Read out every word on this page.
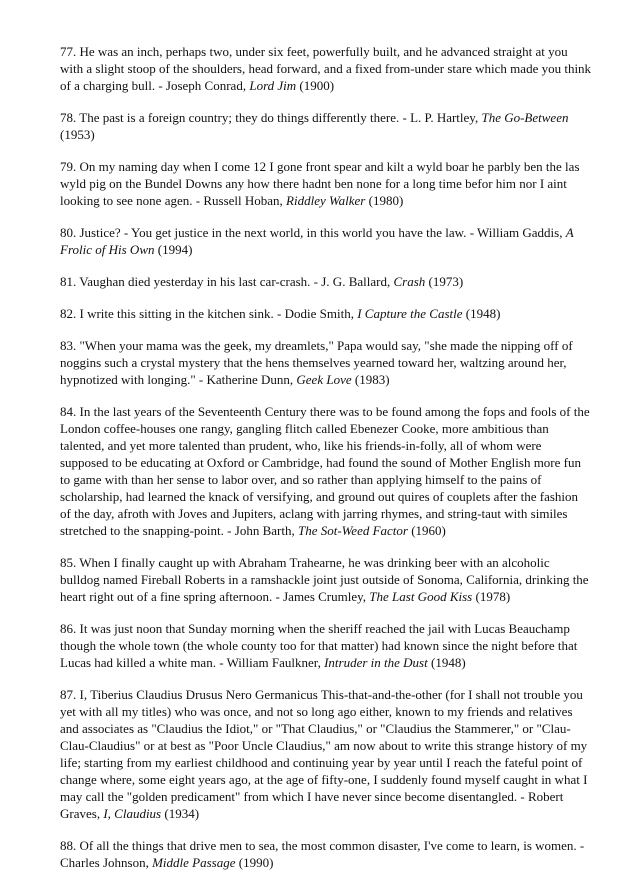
77. He was an inch, perhaps two, under six feet, powerfully built, and he advanced straight at you with a slight stoop of the shoulders, head forward, and a fixed from-under stare which made you think of a charging bull. - Joseph Conrad, Lord Jim (1900)
78. The past is a foreign country; they do things differently there. - L. P. Hartley, The Go-Between (1953)
79. On my naming day when I come 12 I gone front spear and kilt a wyld boar he parbly ben the las wyld pig on the Bundel Downs any how there hadnt ben none for a long time befor him nor I aint looking to see none agen. - Russell Hoban, Riddley Walker (1980)
80. Justice? - You get justice in the next world, in this world you have the law. - William Gaddis, A Frolic of His Own (1994)
81. Vaughan died yesterday in his last car-crash. - J. G. Ballard, Crash (1973)
82. I write this sitting in the kitchen sink. - Dodie Smith, I Capture the Castle (1948)
83. "When your mama was the geek, my dreamlets," Papa would say, "she made the nipping off of noggins such a crystal mystery that the hens themselves yearned toward her, waltzing around her, hypnotized with longing." - Katherine Dunn, Geek Love (1983)
84. In the last years of the Seventeenth Century there was to be found among the fops and fools of the London coffee-houses one rangy, gangling flitch called Ebenezer Cooke, more ambitious than talented, and yet more talented than prudent, who, like his friends-in-folly, all of whom were supposed to be educating at Oxford or Cambridge, had found the sound of Mother English more fun to game with than her sense to labor over, and so rather than applying himself to the pains of scholarship, had learned the knack of versifying, and ground out quires of couplets after the fashion of the day, afroth with Joves and Jupiters, aclang with jarring rhymes, and string-taut with similes stretched to the snapping-point. - John Barth, The Sot-Weed Factor (1960)
85. When I finally caught up with Abraham Trahearne, he was drinking beer with an alcoholic bulldog named Fireball Roberts in a ramshackle joint just outside of Sonoma, California, drinking the heart right out of a fine spring afternoon. - James Crumley, The Last Good Kiss (1978)
86. It was just noon that Sunday morning when the sheriff reached the jail with Lucas Beauchamp though the whole town (the whole county too for that matter) had known since the night before that Lucas had killed a white man. - William Faulkner, Intruder in the Dust (1948)
87. I, Tiberius Claudius Drusus Nero Germanicus This-that-and-the-other (for I shall not trouble you yet with all my titles) who was once, and not so long ago either, known to my friends and relatives and associates as "Claudius the Idiot," or "That Claudius," or "Claudius the Stammerer," or "Clau-Clau-Claudius" or at best as "Poor Uncle Claudius," am now about to write this strange history of my life; starting from my earliest childhood and continuing year by year until I reach the fateful point of change where, some eight years ago, at the age of fifty-one, I suddenly found myself caught in what I may call the "golden predicament" from which I have never since become disentangled. - Robert Graves, I, Claudius (1934)
88. Of all the things that drive men to sea, the most common disaster, I've come to learn, is women. - Charles Johnson, Middle Passage (1990)
